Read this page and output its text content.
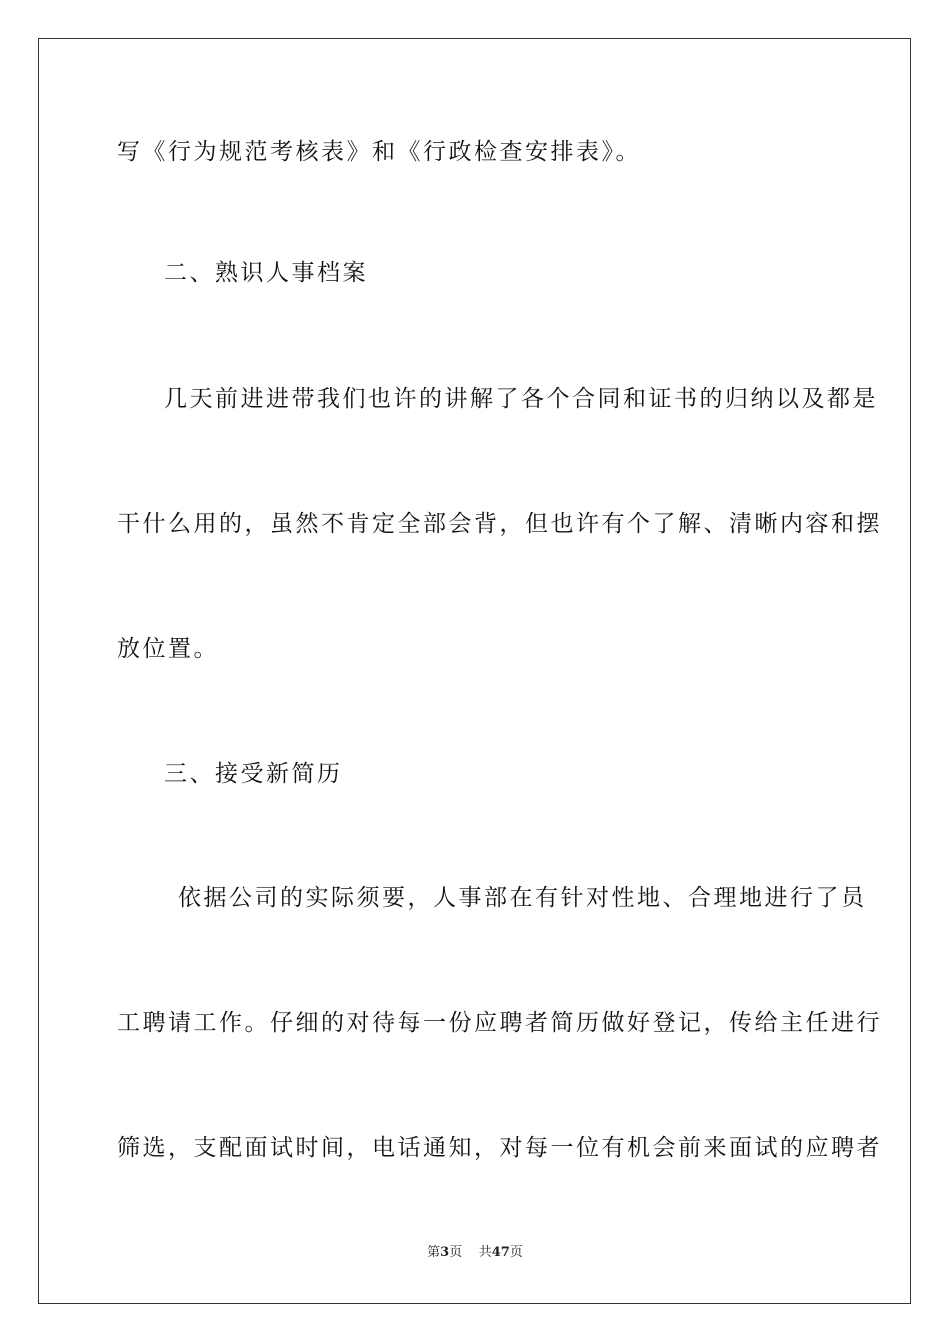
写《行为规范考核表》和《行政检查安排表》。
二、熟识人事档案
几天前进进带我们也许的讲解了各个合同和证书的归纳以及都是
干什么用的，虽然不肯定全部会背，但也许有个了解、清晰内容和摆
放位置。
三、接受新简历
依据公司的实际须要，人事部在有针对性地、合理地进行了员
工聘请工作。仔细的对待每一份应聘者简历做好登记，传给主任进行
筛选，支配面试时间，电话通知，对每一位有机会前来面试的应聘者
第3页 共47页
